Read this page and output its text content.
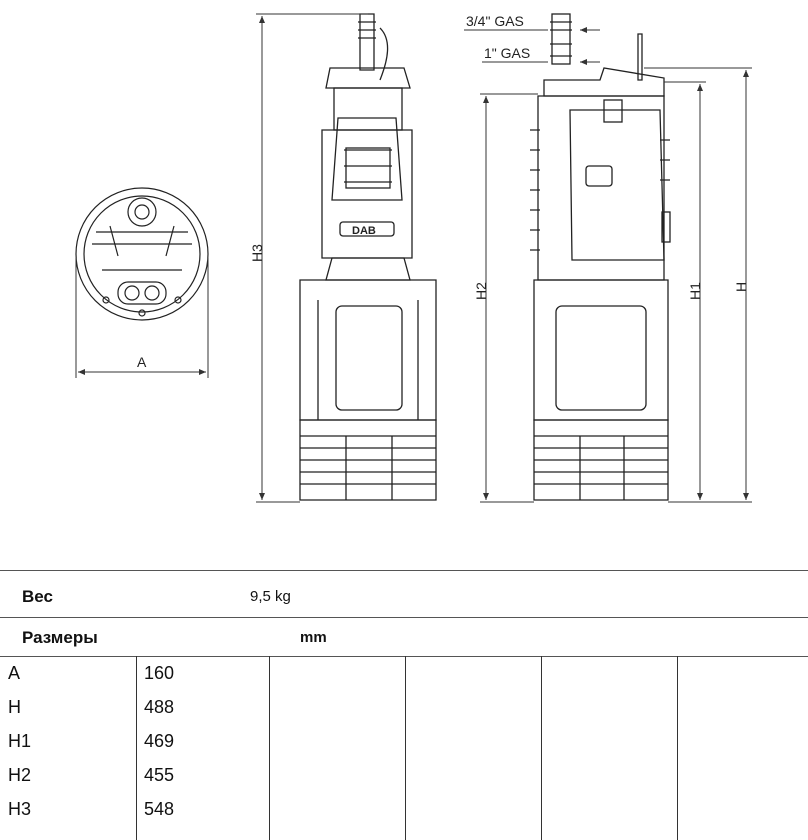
A
DAB
H3
3/4" GAS
1" GAS
H2	H1 H
Вес	9,5 kg
Размеры	mm
A	160
H	488
H1	469
H2	455
H3	548
